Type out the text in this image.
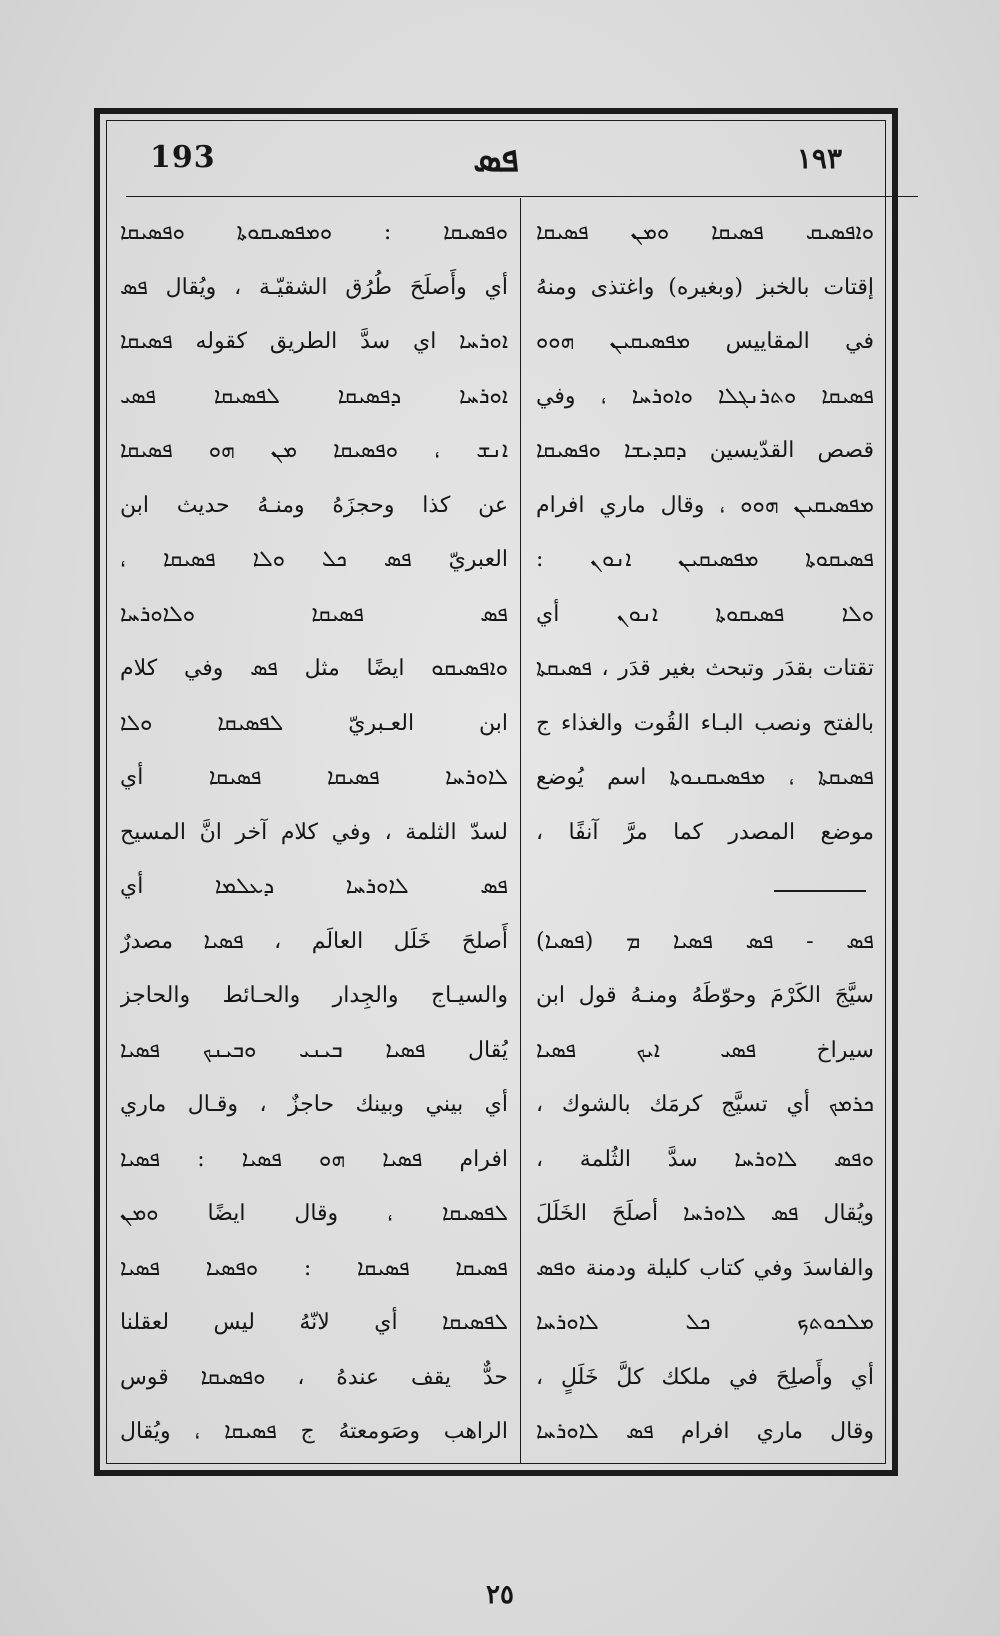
193	ܦܣ	١٩٣
ܘܐܦܣܝܩ ܦܣܝܩܐ ܘܡܢ ܦܣܝܩܐ
إقتات بالخبز (وبغيره) واغتذى ومنهُ
في المقاييس ܡܦܣܝܩܝܢ ܗܘܘ
ܦܣܝܩܐ ܘܬܪܢܓܠܐ ܘܐܘܪܚܐ ، وفي
قصص القدّيسين ܕܩܕܝܫܐ ܘܦܣܝܩܐ
ܡܦܣܝܩܝܢ ܗܘܘ ، وقال ماري افرام
ܦܣܝܩܘܬܐ ܡܦܣܝܩܝܢ ܐܢܘܢ :
ܘܠܐ ܦܣܝܩܘܬܐ ܐܢܘܢ أي
تقتات بقدَر وتبحث بغير قدَر ، ܦܣܝܩܬܐ
بالفتح ونصب البـاء القُوت والغذاء ج
ܦܣܝܩܬܐ ، ܡܦܣܝܩܢܘܬܐ اسم يُوضع
موضع المصدر كما مرَّ آنفًا ،
ܦܣ - ܦܣ ܦܣܝܐ ܡ (ܦܣܝܐ)
سيَّجَ الكَرْمَ وحوّطَهُ ومنـهُ قول ابن
سيراخ ܦܣܝ ܐܝܟ ܦܣܝܐ
ܟܪܡܟ أي تسيَّج كرمَك بالشوك ،
ܘܦܣ ܠܐܘܪܚܐ سدَّ الثُلمة ،
ويُقال ܦܣ ܠܐܘܪܚܐ أصلَحَ الخَلَلَ
والفاسدَ وفي كتاب كليلة ودمنة ܘܦܣ
ܡܠܟܘܬܟ ܟܠ ܠܐܘܪܚܐ
أي وأَصلِحَ في ملكك كلَّ خَلَلٍ ،
وقال ماري افرام ܦܣ ܠܐܘܪܚܐ
ܘܦܣܝܩܐ : ܘܡܦܣܝܩܘܬܐ ܘܦܣܝܩܐ
أي وأَصلَحَ طُرُق الشقيّـة ، ويُقال ܦܣ
ܐܘܪܚܐ اي سدَّ الطريق كقوله ܦܣܝܩܐ
ܐܘܪܚܐ ܕܦܣܝܩܐ ܠܦܣܝܩܐ ܦܣܝ
ܐܢܫ ، ܘܦܣܝܩܐ ܡܢ ܗܘ ܦܣܝܩܐ
عن كذا وحجزَهُ ومنـهُ حديث ابن
العبريّ ܦܣ ܟܠ ܘܠܐ ܦܣܝܩܐ ،
ܦܣ ܦܣܝܩܐ ܘܠܐܘܪܚܐ
ܘܐܦܣܝܩܘ ايضًا مثل ܦܣ وفي كلام
ابن العـبريّ ܠܦܣܝܩܐ ܘܠܐ
ܠܐܘܪܚܐ ܦܣܝܩܐ ܦܣܝܩܐ أي
لسدّ الثلمة ، وفي كلام آخر انَّ المسيح
ܦܣ ܠܐܘܪܚܐ ܕܥܠܡܐ أي
أَصلحَ خَلَل العالَم ، ܦܣܝܐ مصدرٌ
والسيـاج والجِدار والحـائط والحاجز
يُقال ܦܣܝܐ ܒܝܢܝ ܘܒܝܢܟ ܦܣܝܐ
أي بيني وبينك حاجزٌ ، وقـال ماري
افرام ܦܣܝܐ ܗܘ ܦܣܝܐ : ܦܣܝܐ
ܠܦܣܝܩܐ ، وقال ايضًا ܘܡܢ
ܦܣܝܩܐ ܦܣܝܩܐ : ܘܦܣܝܐ ܦܣܝܐ
ܠܦܣܝܩܐ أي لانّهُ ليس لعقلنا
حدٌّ يقف عندهُ ، ܘܦܣܝܩܐ قوس
الراهب وصَومعتهُ ج ܦܣܝܩܐ ، ويُقال
٢٥
